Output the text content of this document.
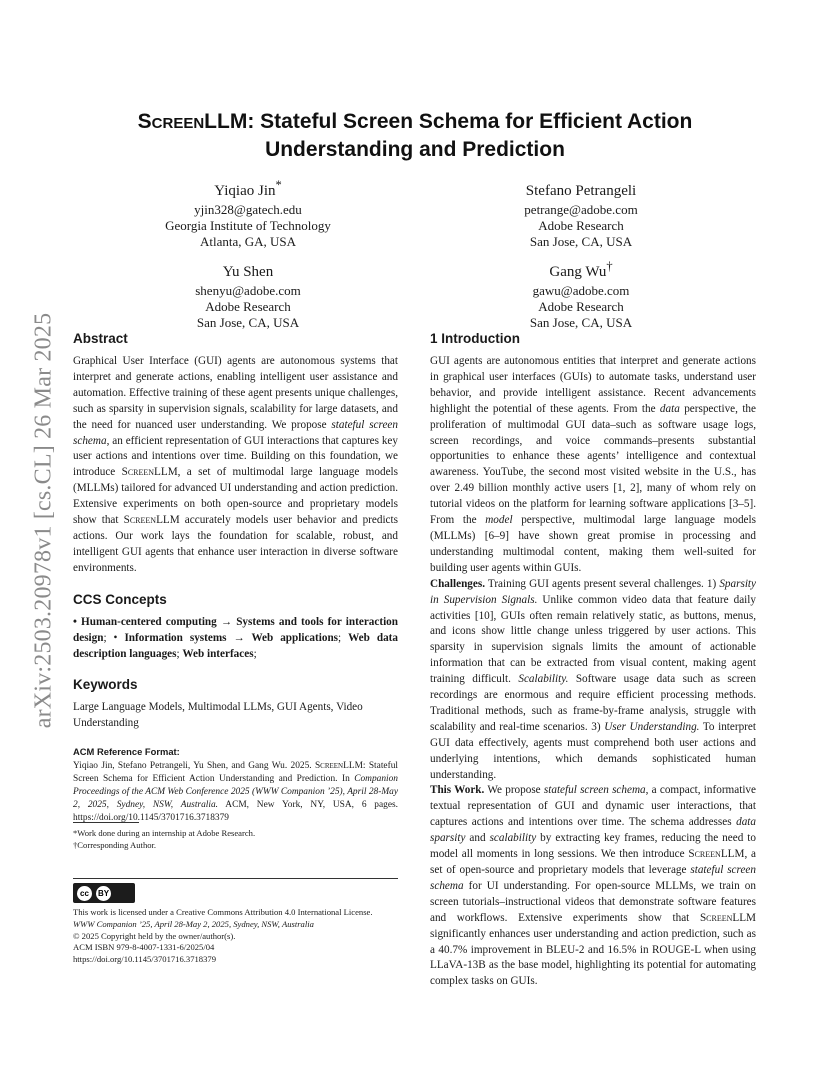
arXiv:2503.20978v1 [cs.CL] 26 Mar 2025
ScreenLLM: Stateful Screen Schema for Efficient Action
Understanding and Prediction
Yiqiao Jin*
yjin328@gatech.edu
Georgia Institute of Technology
Atlanta, GA, USA
Stefano Petrangeli
petrange@adobe.com
Adobe Research
San Jose, CA, USA
Yu Shen
shenyu@adobe.com
Adobe Research
San Jose, CA, USA
Gang Wu†
gawu@adobe.com
Adobe Research
San Jose, CA, USA
Abstract

Graphical User Interface (GUI) agents are autonomous systems that interpret and generate actions, enabling intelligent user assistance and automation. Effective training of these agent presents unique challenges, such as sparsity in supervision signals, scalability for large datasets, and the need for nuanced user understanding. We propose stateful screen schema, an efficient representation of GUI interactions that captures key user actions and intentions over time. Building on this foundation, we introduce ScreenLLM, a set of multimodal large language models (MLLMs) tailored for advanced UI understanding and action prediction. Extensive experiments on both open-source and proprietary models show that ScreenLLM accurately models user behavior and predicts actions. Our work lays the foundation for scalable, robust, and intelligent GUI agents that enhance user interaction in diverse software environments.

CCS Concepts

• Human-centered computing → Systems and tools for interaction design; • Information systems → Web applications; Web data description languages; Web interfaces;

Keywords

Large Language Models, Multimodal LLMs, GUI Agents, Video Understanding

ACM Reference Format:

Yiqiao Jin, Stefano Petrangeli, Yu Shen, and Gang Wu. 2025. ScreenLLM: Stateful Screen Schema for Efficient Action Understanding and Prediction. In Companion Proceedings of the ACM Web Conference 2025 (WWW Companion ’25), April 28-May 2, 2025, Sydney, NSW, Australia. ACM, New York, NY, USA, 6 pages. https://doi.org/10.1145/3701716.3718379

*Work done during an internship at Adobe Research.
†Corresponding Author.
cc	BY
This work is licensed under a Creative Commons Attribution 4.0 International License.
WWW Companion ’25, April 28-May 2, 2025, Sydney, NSW, Australia
© 2025 Copyright held by the owner/author(s).
ACM ISBN 979-8-4007-1331-6/2025/04
https://doi.org/10.1145/3701716.3718379
1 Introduction

GUI agents are autonomous entities that interpret and generate actions in graphical user interfaces (GUIs) to automate tasks, understand user behavior, and provide intelligent assistance. Recent advancements highlight the potential of these agents. From the data perspective, the proliferation of multimodal GUI data–such as software usage logs, screen recordings, and voice commands–presents substantial opportunities to enhance these agents’ intelligence and contextual awareness. YouTube, the second most visited website in the U.S., has over 2.49 billion monthly active users [1, 2], many of whom rely on tutorial videos on the platform for learning software applications [3–5]. From the model perspective, multimodal large language models (MLLMs) [6–9] have shown great promise in processing and understanding multimodal content, making them well-suited for building user agents within GUIs.

Challenges. Training GUI agents present several challenges. 1) Sparsity in Supervision Signals. Unlike common video data that feature daily activities [10], GUIs often remain relatively static, as buttons, menus, and icons show little change unless triggered by user actions. This sparsity in supervision signals limits the amount of actionable information that can be extracted from visual content, making agent training difficult. Scalability. Software usage data such as screen recordings are enormous and require efficient processing methods. Traditional methods, such as frame-by-frame analysis, struggle with scalability and real-time scenarios. 3) User Understanding. To interpret GUI data effectively, agents must comprehend both user actions and underlying intentions, which demands sophisticated human understanding.

This Work. We propose stateful screen schema, a compact, informative textual representation of GUI and dynamic user interactions, that captures actions and intentions over time. The schema addresses data sparsity and scalability by extracting key frames, reducing the need to model all moments in long sessions. We then introduce ScreenLLM, a set of open-source and proprietary models that leverage stateful screen schema for UI understanding. For open-source MLLMs, we train on screen tutorials–instructional videos that demonstrate software features and workflows. Extensive experiments show that ScreenLLM significantly enhances user understanding and action prediction, such as a 40.7% improvement in BLEU-2 and 16.5% in ROUGE-L when using LLaVA-13B as the base model, highlighting its potential for automating complex tasks on GUIs.
